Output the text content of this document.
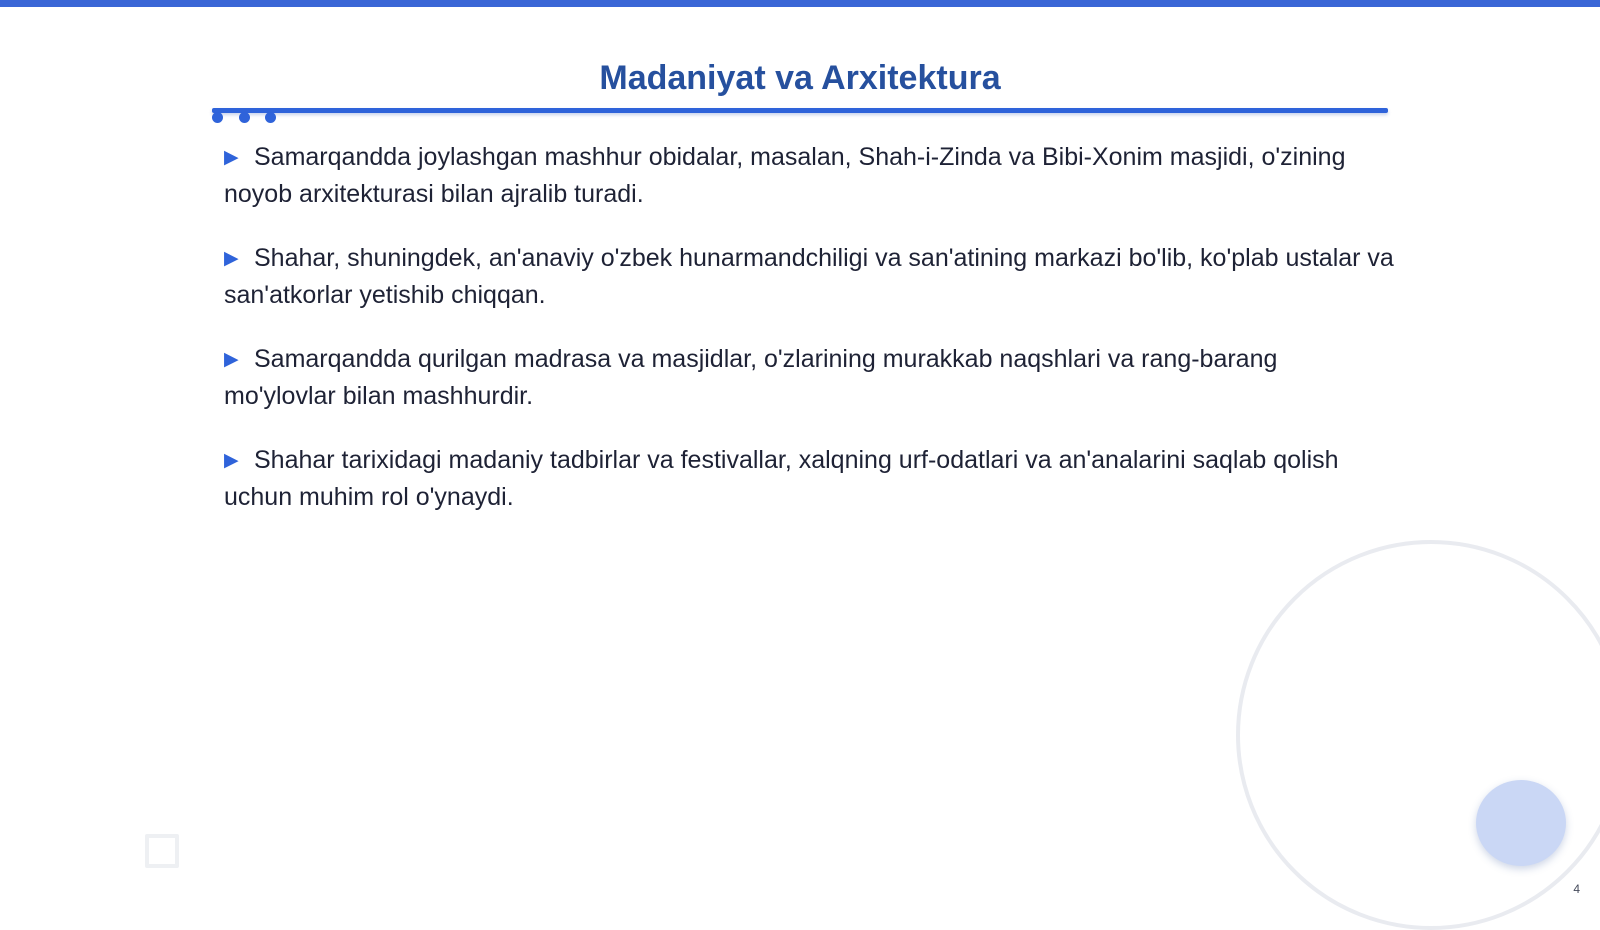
Madaniyat va Arxitektura
▶ Samarqandda joylashgan mashhur obidalar, masalan, Shah-i-Zinda va Bibi-Xonim masjidi, o'zining noyob arxitekturasi bilan ajralib turadi.
▶ Shahar, shuningdek, an'anaviy o'zbek hunarmandchiligi va san'atining markazi bo'lib, ko'plab ustalar va san'atkorlar yetishib chiqqan.
▶ Samarqandda qurilgan madrasa va masjidlar, o'zlarining murakkab naqshlari va rang-barang mo'ylovlar bilan mashhurdir.
▶ Shahar tarixidagi madaniy tadbirlar va festivallar, xalqning urf-odatlari va an'analarini saqlab qolish uchun muhim rol o'ynaydi.
4
